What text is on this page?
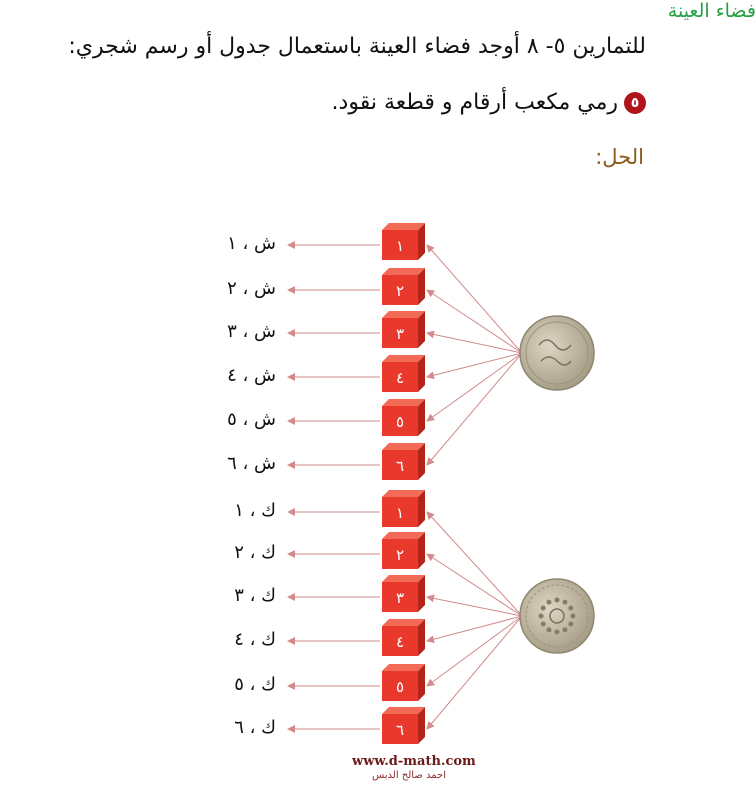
للتمارين ٥- ٨ أوجد فضاء العينة باستعمال جدول أو رسم شجري:
٥
رمي مكعب أرقام و قطعة نقود.
الحل:
فضاء العينة
١
٢
٣
٤
٥
٦
١
٢
٣
٤
٥
٦
ش ، ١
ش ، ٢
ش ، ٣
ش ، ٤
ش ، ٥
ش ، ٦
ك ، ١
ك ، ٢
ك ، ٣
ك ، ٤
ك ، ٥
ك ، ٦
www.d-math.com
احمد صالح الدبس
